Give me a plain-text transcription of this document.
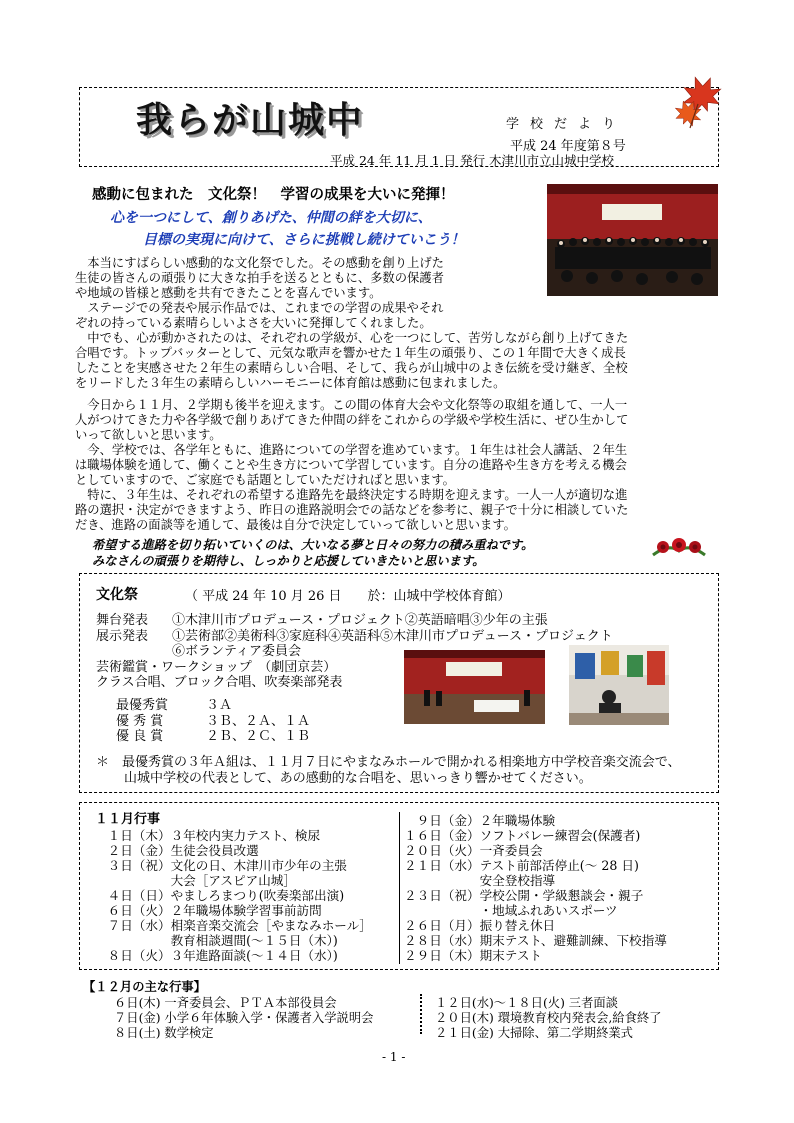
我らが山城中	学校だより
平成 24 年度第８号
平成 24 年 11 月 1 日 発行 木津川市立山城中学校
感動に包まれた　文化祭！　学習の成果を大いに発揮！
心を一つにして、創りあげた、仲間の絆を大切に、
目標の実現に向けて、さらに挑戦し続けていこう！
　本当にすばらしい感動的な文化祭でした。その感動を創り上げた
生徒の皆さんの頑張りに大きな拍手を送るとともに、多数の保護者
や地域の皆様と感動を共有できたことを喜んでいます。
　ステージでの発表や展示作品では、これまでの学習の成果やそれ
ぞれの持っている素晴らしいよさを大いに発揮してくれました。
　中でも、心が動かされたのは、それぞれの学級が、心を一つにして、苦労しながら創り上げてきた
合唱です。トップバッターとして、元気な歌声を響かせた１年生の頑張り、この１年間で大きく成長
したことを実感させた２年生の素晴らしい合唱、そして、我らが山城中のよき伝統を受け継ぎ、全校
をリードした３年生の素晴らしいハーモニーに体育館は感動に包まれました。
　今日から１１月、２学期も後半を迎えます。この間の体育大会や文化祭等の取組を通して、一人一
人がつけてきた力や各学級で創りあげてきた仲間の絆をこれからの学級や学校生活に、ぜひ生かして
いって欲しいと思います。
　今、学校では、各学年ともに、進路についての学習を進めています。１年生は社会人講話、２年生
は職場体験を通して、働くことや生き方について学習しています。自分の進路や生き方を考える機会
としていますので、ご家庭でも話題としていただければと思います。
　特に、３年生は、それぞれの希望する進路先を最終決定する時期を迎えます。一人一人が適切な進
路の選択・決定ができますよう、昨日の進路説明会での話などを参考に、親子で十分に相談していた
だき、進路の面談等を通して、最後は自分で決定していって欲しいと思います。
希望する進路を切り拓いていくのは、大いなる夢と日々の努力の積み重ねです。
みなさんの頑張りを期待し、しっかりと応援していきたいと思います。
文化祭	（ 平成 24 年 10 月 26 日　　於：山城中学校体育館）
舞台発表 ①木津川市プロデュース・プロジェクト②英語暗唱③少年の主張
展示発表 ①芸術部②美術科③家庭科④英語科⑤木津川市プロデュース・プロジェクト
⑥ボランティア委員会
芸術鑑賞・ワークショップ　（劇団京芸）
クラス合唱、ブロック合唱、吹奏楽部発表
最優秀賞	３Ａ
優 秀 賞	３Ｂ、２Ａ、１Ａ
優 良 賞	２Ｂ、２Ｃ、１Ｂ
＊　最優秀賞の３年Ａ組は、１１月７日にやまなみホールで開かれる相楽地方中学校音楽交流会で、
山城中学校の代表として、あの感動的な合唱を、思いっきり響かせてください。
１１月行事
　１日（木）３年校内実力テスト、検尿
　２日（金）生徒会役員改選
　３日（祝）文化の日、木津川市少年の主張
　　　　　　大会［アスピア山城］
　４日（日）やましろまつり(吹奏楽部出演)
　６日（火）２年職場体験学習事前訪問
　７日（水）相楽音楽交流会［やまなみホール］
　　　　　　教育相談週間(～１５日（木）)
　８日（火）３年進路面談(～１４日（水）)
　９日（金）２年職場体験
１６日（金）ソフトバレー練習会(保護者)
２０日（火）一斉委員会
２１日（水）テスト前部活停止(～ 28 日)
　　　　　　安全登校指導
２３日（祝）学校公開・学級懇談会・親子
　　　　　　・地域ふれあいスポーツ
２６日（月）振り替え休日
２８日（水）期末テスト、避難訓練、下校指導
２９日（木）期末テスト
【１２月の主な行事】
６日(木) 一斉委員会、ＰＴＡ本部役員会
７日(金) 小学６年体験入学・保護者入学説明会
８日(土) 数学検定
１２日(水)～１８日(火) 三者面談
２０日(木) 環境教育校内発表会,給食終了
２１日(金) 大掃除、第二学期終業式
- 1 -
